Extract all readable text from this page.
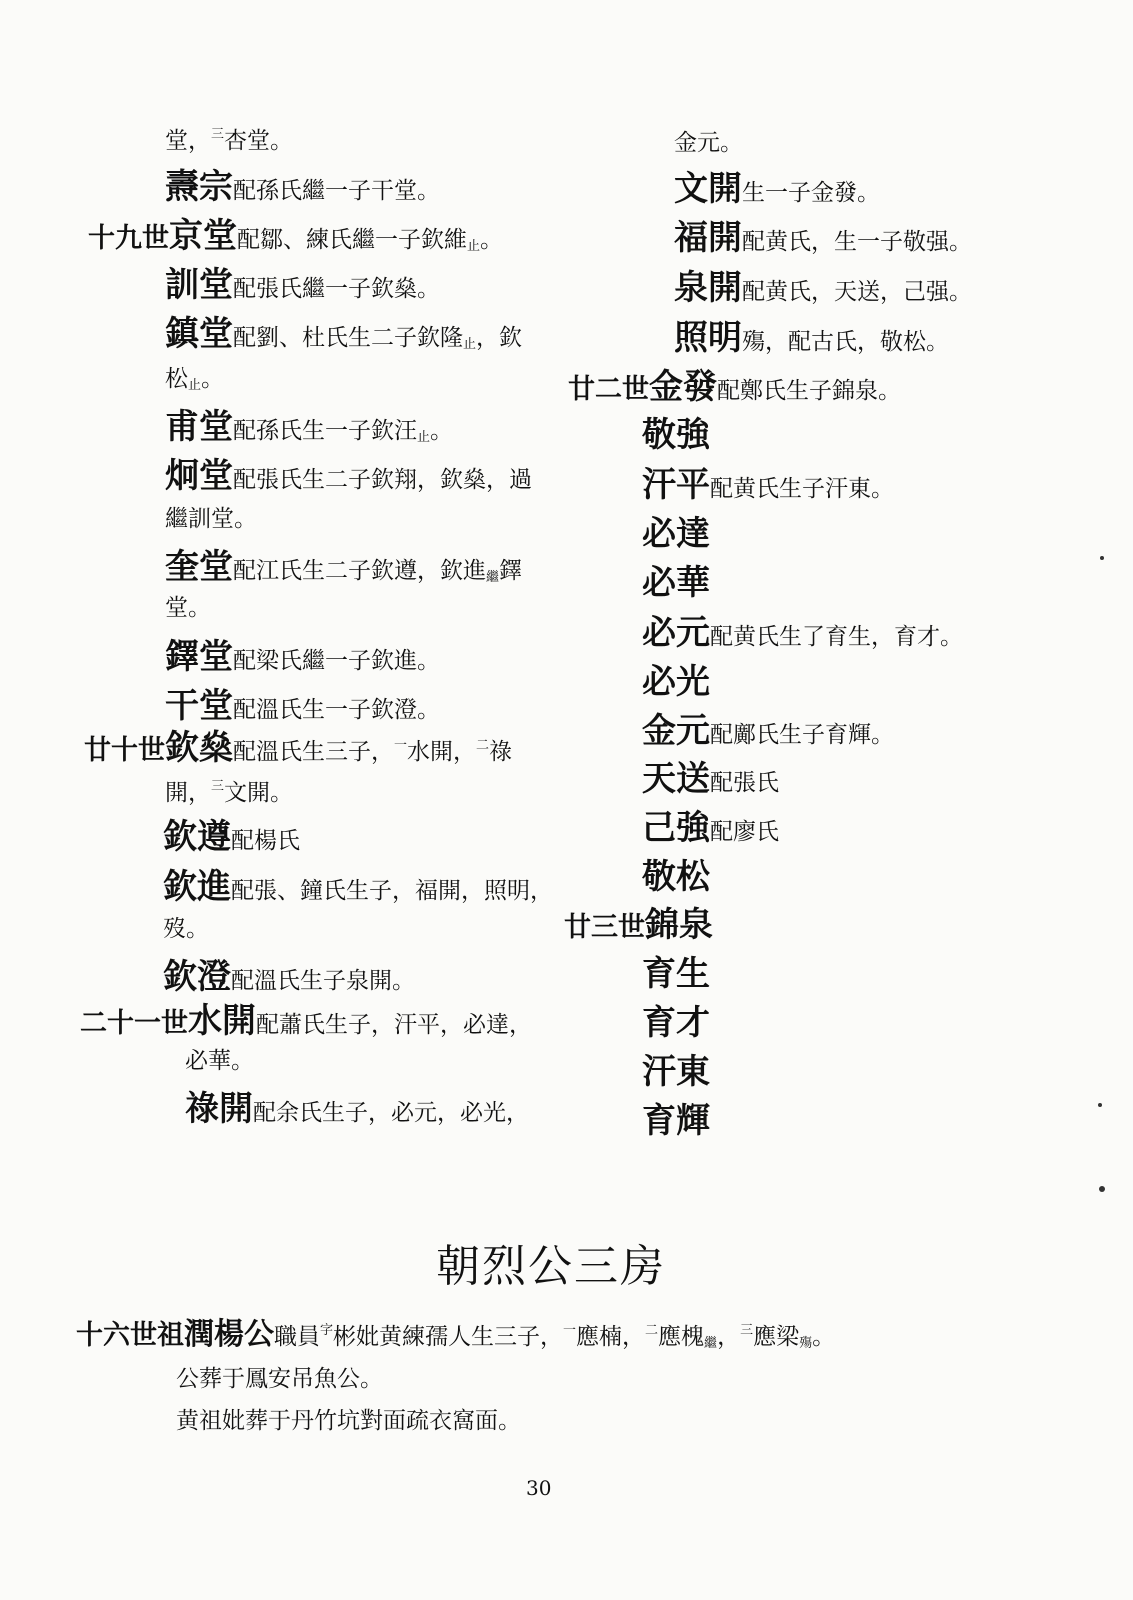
堂，$^三$杏堂。
燾宗配孫氏繼一子干堂。
十九世京堂配鄒、練氏繼一子欽維$_止$。
訓堂配張氏繼一子欽燊。
鎮堂配劉、杜氏生二子欽隆$_止$，欽
松$_止$。
甫堂配孫氏生一子欽汪$_止$。
炯堂配張氏生二子欽翔，欽燊，過
繼訓堂。
奎堂配江氏生二子欽遵，欽進$_繼$鐸
堂。
鐸堂配梁氏繼一子欽進。
干堂配溫氏生一子欽澄。
廿十世欽燊配溫氏生三子，$^一$水開，$^二$祿
開，$^三$文開。
欽遵配楊氏
欽進配張、鐘氏生子，福開，照明，
歿。
欽澄配溫氏生子泉開。
二十一世水開配蕭氏生子，汗平，必達，
必華。
祿開配余氏生子，必元，必光，
金元。
文開生一子金發。
福開配黄氏，生一子敬强。
泉開配黄氏，天送，己强。
照明殤，配古氏，敬松。
廿二世金發配鄭氏生子錦泉。
敬強
汗平配黄氏生子汗東。
必達
必華
必元配黄氏生了育生，育才。
必光
金元配鄺氏生子育輝。
天送配張氏
己強配廖氏
敬松
廿三世錦泉
育生
育才
汗東
育輝
朝烈公三房
十六世祖潤楊公職員$^字$彬妣黄練孺人生三子，$^一$應楠，$^二$應槐$_繼$，$^三$應梁$_殤$。
公葬于鳳安吊魚公。
黄祖妣葬于丹竹坑對面疏衣窩面。
30
